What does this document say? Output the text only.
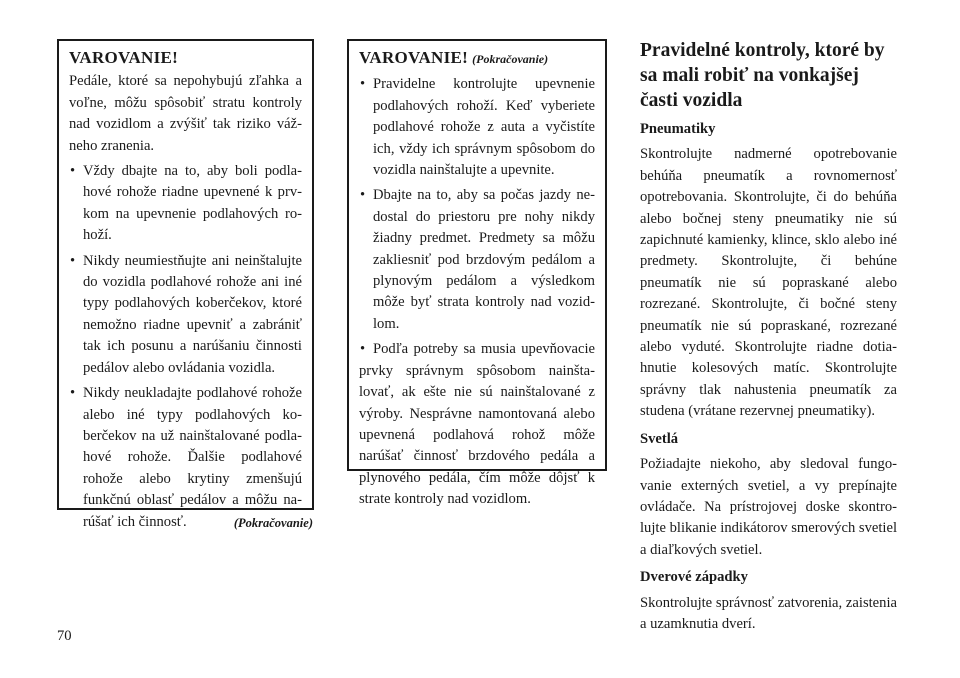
VAROVANIE!

Pedále, ktoré sa nepohybujú zľahka a voľne, môžu spôsobiť stratu kontroly nad vozidlom a zvýšiť tak riziko vážneho zranenia.

• Vždy dbajte na to, aby boli podlahové rohože riadne upevnené k prvkom na upevnenie podlahových rohoží.
• Nikdy neumiestňujte ani neinštalujte do vozidla podlahové rohože ani iné typy podlahových koberčekov, ktoré nemožno riadne upevniť a zabrániť tak ich posunu a narúšaniu činnosti pedálov alebo ovládania vozidla.
• Nikdy neukladajte podlahové rohože alebo iné typy podlahových koberčekov na už nainštalované podlahové rohože. Ďalšie podlahové rohože alebo krytiny zmenšujú funkčnú oblasť pedálov a môžu narúšať ich činnosť.	(Pokračovanie)
VAROVANIE! (Pokračovanie)
• Pravidelne kontrolujte upevnenie podlahových rohoží. Keď vyberiete podlahové rohože z auta a vyčistíte ich, vždy ich správnym spôsobom do vozidla nainštalujte a upevnite.
• Dbajte na to, aby sa počas jazdy nedostal do priestoru pre nohy nikdy žiadny predmet. Predmety sa môžu zakliesniť pod brzdovým pedálom a plynovým pedálom a výsledkom môže byť strata kontroly nad vozidlom.
• Podľa potreby sa musia upevňovacie prvky správnym spôsobom nainštalovať, ak ešte nie sú nainštalované z výroby. Nesprávne namontovaná alebo upevnená podlahová rohož môže narúšať činnosť brzdového pedála a plynového pedála, čím môže dôjsť k strate kontroly nad vozidlom.
Pravidelné kontroly, ktoré by sa mali robiť na vonkajšej časti vozidla
Pneumatiky

Skontrolujte nadmerné opotrebovanie behúňa pneumatík a rovnomernosť opotrebovania. Skontrolujte, či do behúňa alebo bočnej steny pneumatiky nie sú zapichnuté kamienky, klince, sklo alebo iné predmety. Skontrolujte, či behúne pneumatík nie sú popraskané alebo rozrezané. Skontrolujte, či bočné steny pneumatík nie sú popraskané, rozrezané alebo vyduté. Skontrolujte riadne dotiahnutie kolesových matíc. Skontrolujte správny tlak nahustenia pneumatík za studena (vrátane rezervnej pneumatiky).

Svetlá

Požiadajte niekoho, aby sledoval fungovanie externých svetiel, a vy prepínajte ovládače. Na prístrojovej doske skontrolujte blikanie indikátorov smerových svetiel a diaľkových svetiel.

Dverové západky

Skontrolujte správnosť zatvorenia, zaistenia a uzamknutia dverí.

70
